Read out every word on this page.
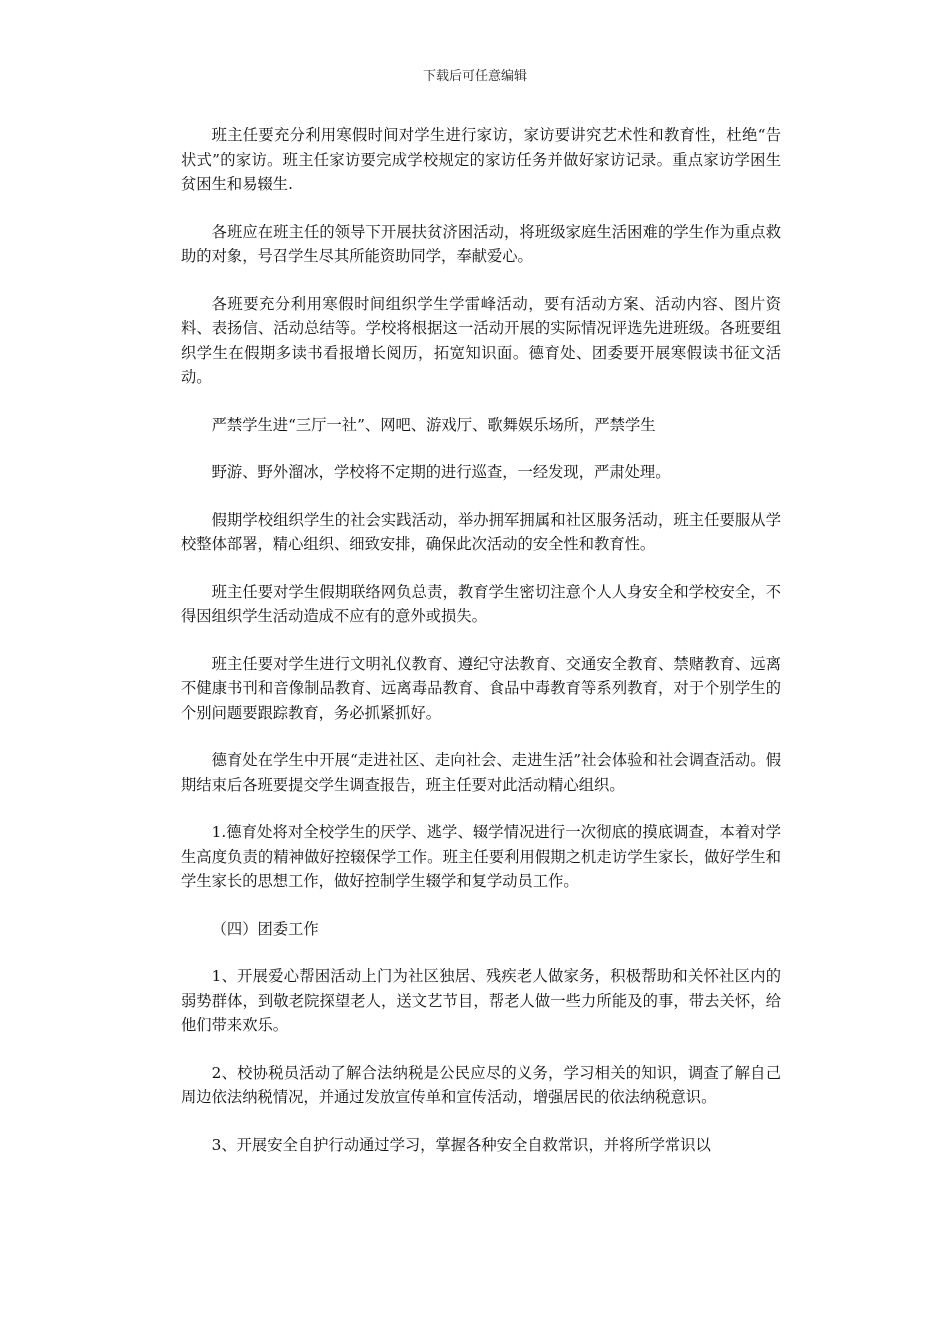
下载后可任意编辑

班主任要充分利用寒假时间对学生进行家访，家访要讲究艺术性和教育性，杜绝“告状式”的家访。班主任家访要完成学校规定的家访任务并做好家访记录。重点家访学困生贫困生和易辍生.

各班应在班主任的领导下开展扶贫济困活动，将班级家庭生活困难的学生作为重点救助的对象，号召学生尽其所能资助同学，奉献爱心。

各班要充分利用寒假时间组织学生学雷峰活动，要有活动方案、活动内容、图片资料、表扬信、活动总结等。学校将根据这一活动开展的实际情况评选先进班级。各班要组织学生在假期多读书看报增长阅历，拓宽知识面。德育处、团委要开展寒假读书征文活动。

严禁学生进“三厅一社”、网吧、游戏厅、歌舞娱乐场所，严禁学生

野游、野外溜冰，学校将不定期的进行巡查，一经发现，严肃处理。

假期学校组织学生的社会实践活动，举办拥军拥属和社区服务活动，班主任要服从学校整体部署，精心组织、细致安排，确保此次活动的安全性和教育性。

班主任要对学生假期联络网负总责，教育学生密切注意个人人身安全和学校安全，不得因组织学生活动造成不应有的意外或损失。

班主任要对学生进行文明礼仪教育、遵纪守法教育、交通安全教育、禁赌教育、远离不健康书刊和音像制品教育、远离毒品教育、食品中毒教育等系列教育，对于个别学生的个别问题要跟踪教育，务必抓紧抓好。

德育处在学生中开展“走进社区、走向社会、走进生活”社会体验和社会调查活动。假期结束后各班要提交学生调查报告，班主任要对此活动精心组织。

1.德育处将对全校学生的厌学、逃学、辍学情况进行一次彻底的摸底调查，本着对学生高度负责的精神做好控辍保学工作。班主任要利用假期之机走访学生家长，做好学生和学生家长的思想工作，做好控制学生辍学和复学动员工作。

（四）团委工作

1、开展爱心帮困活动上门为社区独居、残疾老人做家务，积极帮助和关怀社区内的弱势群体，到敬老院探望老人，送文艺节目，帮老人做一些力所能及的事，带去关怀，给他们带来欢乐。

2、校协税员活动了解合法纳税是公民应尽的义务，学习相关的知识，调查了解自己周边依法纳税情况，并通过发放宣传单和宣传活动，增强居民的依法纳税意识。

3、开展安全自护行动通过学习，掌握各种安全自救常识，并将所学常识以
